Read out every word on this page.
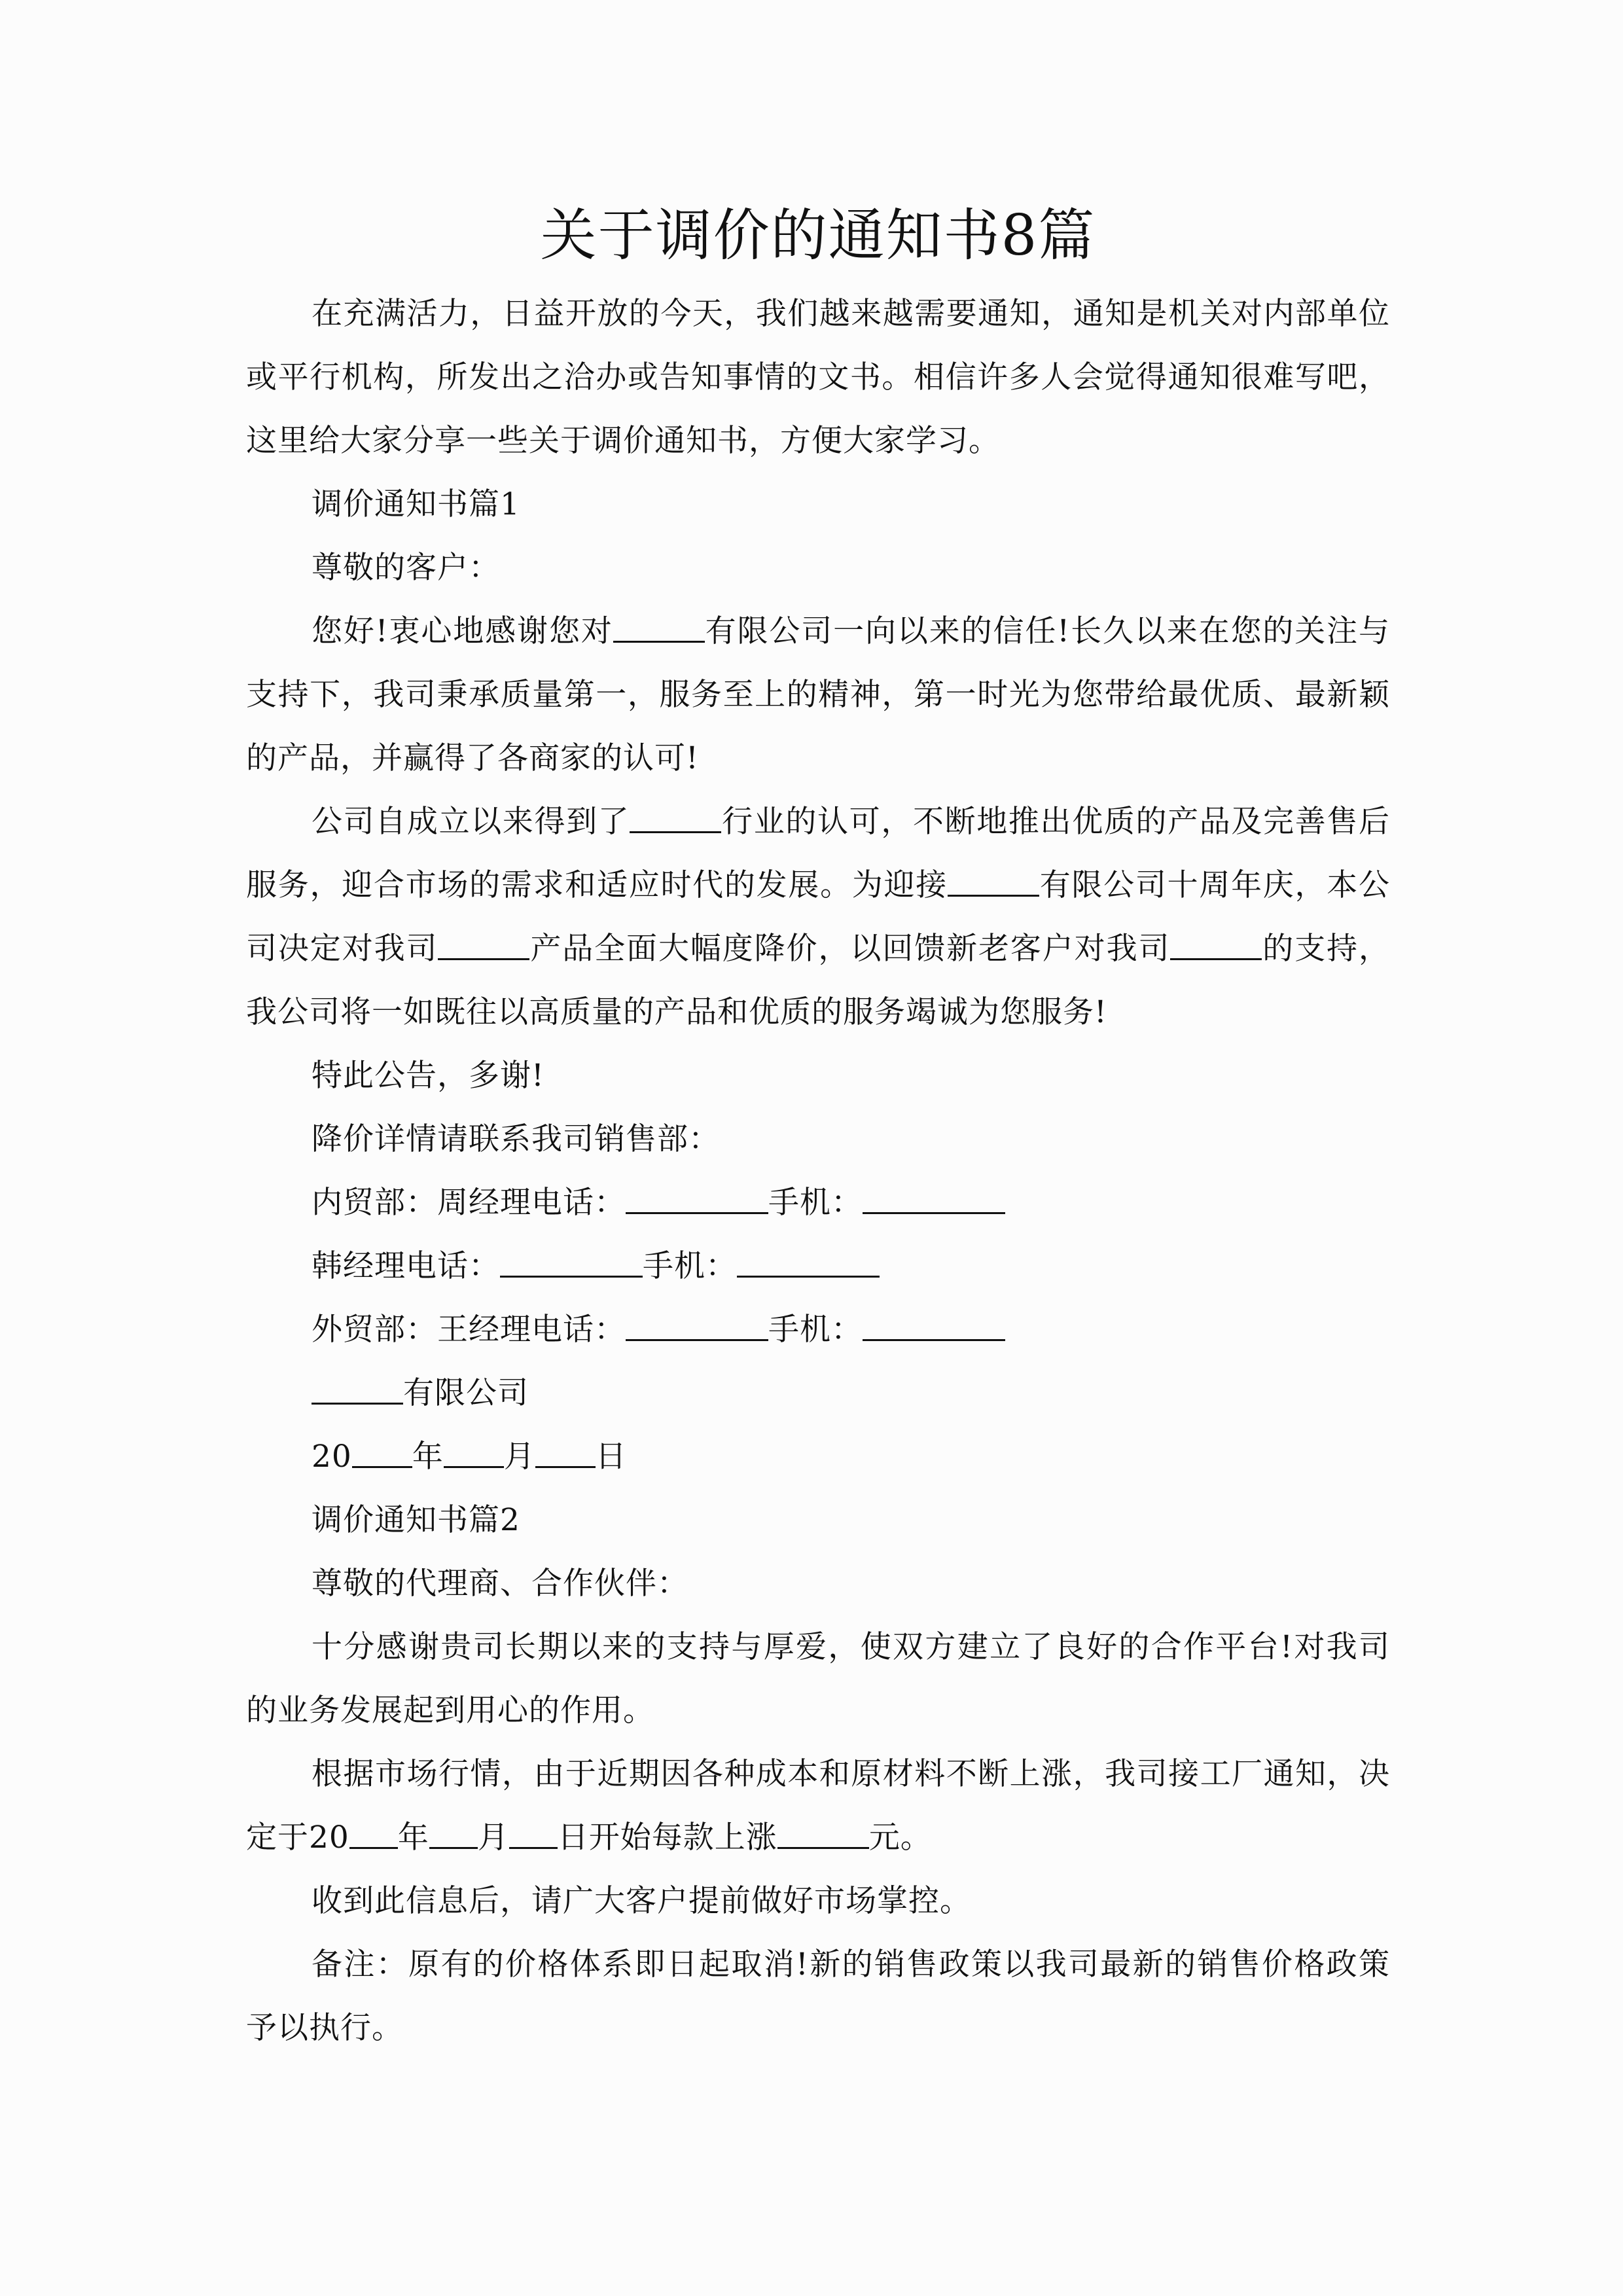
关于调价的通知书8篇

在充满活力，日益开放的今天，我们越来越需要通知，通知是机关对内部单位或平行机构，所发出之洽办或告知事情的文书。相信许多人会觉得通知很难写吧，这里给大家分享一些关于调价通知书，方便大家学习。

调价通知书篇1

尊敬的客户：

您好!衷心地感谢您对	有限公司一向以来的信任!长久以来在您的关注与支持下，我司秉承质量第一，服务至上的精神，第一时光为您带给最优质、最新颖的产品，并赢得了各商家的认可!

公司自成立以来得到了	行业的认可，不断地推出优质的产品及完善售后服务，迎合市场的需求和适应时代的发展。为迎接	有限公司十周年庆，本公司决定对我司	产品全面大幅度降价，以回馈新老客户对我司	的支持，我公司将一如既往以高质量的产品和优质的服务竭诚为您服务!

特此公告，多谢!

降价详情请联系我司销售部：

内贸部：周经理电话：	手机：

韩经理电话：	手机：

外贸部：王经理电话：	手机：

有限公司

20 年 月 日

调价通知书篇2

尊敬的代理商、合作伙伴：

十分感谢贵司长期以来的支持与厚爱，使双方建立了良好的合作平台!对我司的业务发展起到用心的作用。

根据市场行情，由于近期因各种成本和原材料不断上涨，我司接工厂通知，决定于20 年 月 日开始每款上涨	元。

收到此信息后，请广大客户提前做好市场掌控。

备注：原有的价格体系即日起取消!新的销售政策以我司最新的销售价格政策予以执行。
